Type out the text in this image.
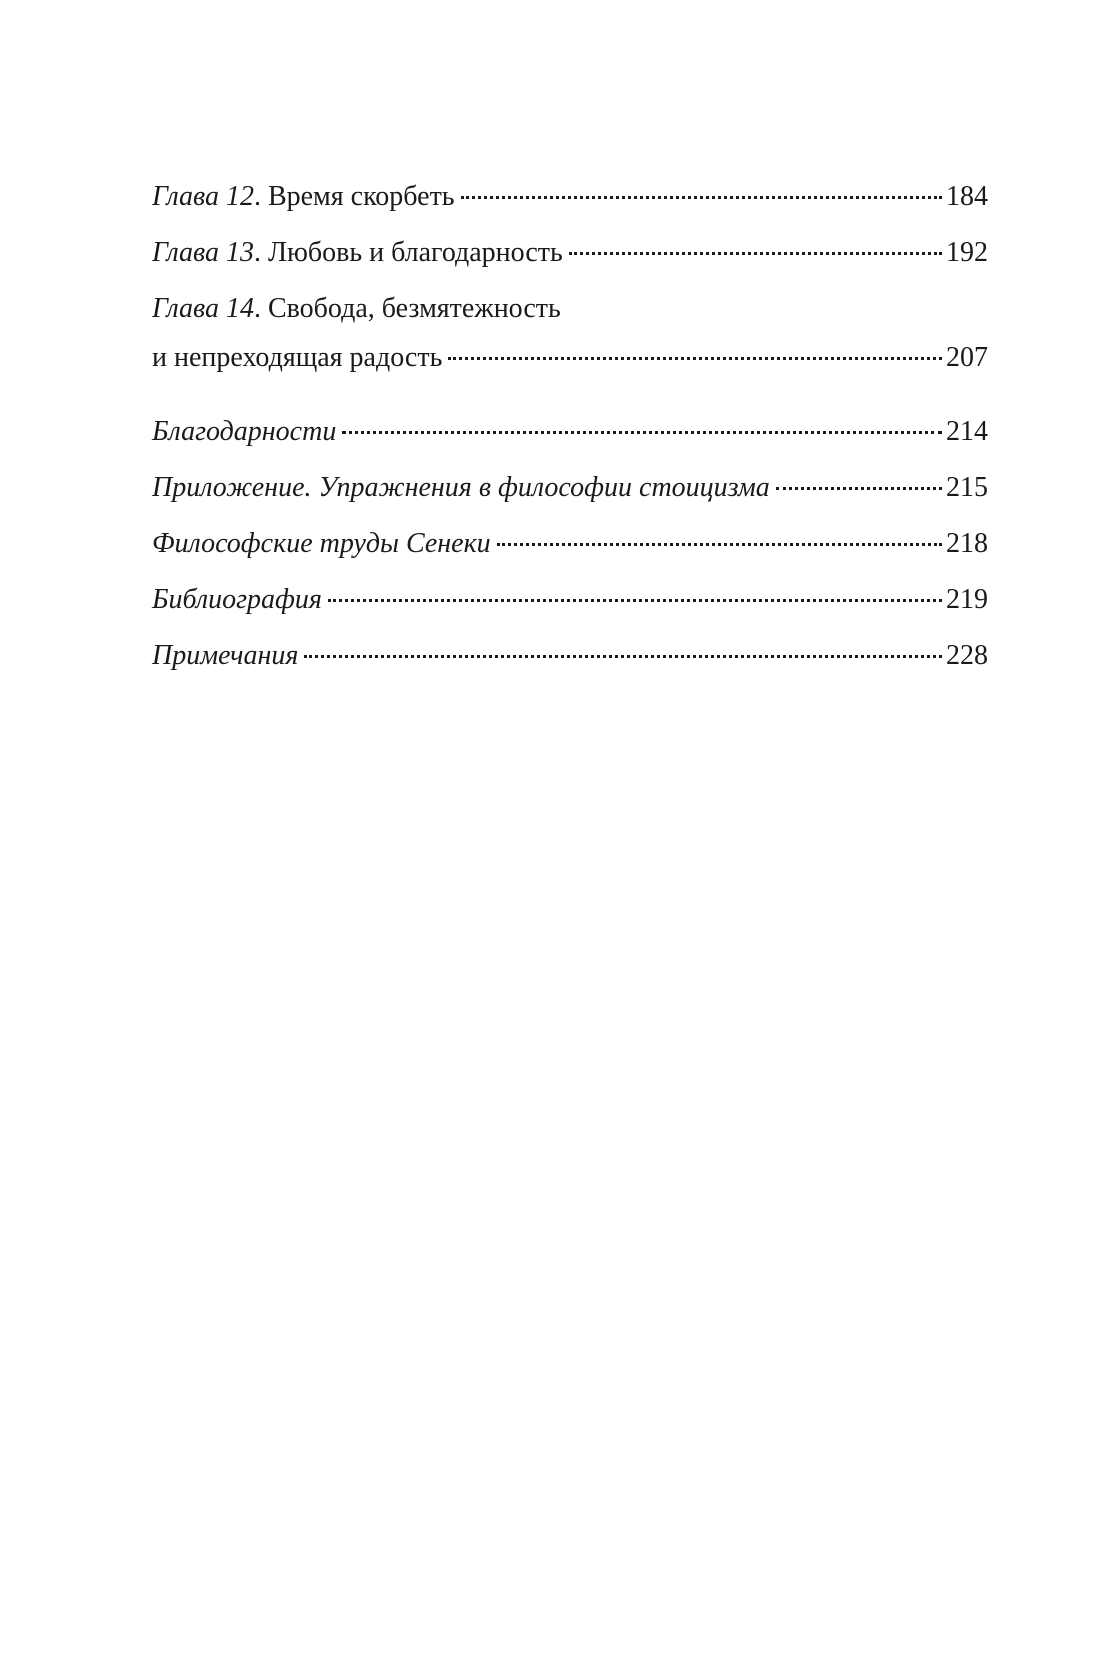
Глава 12. Время скорбеть	184
Глава 13. Любовь и благодарность	192
Глава 14. Свобода, безмятежность
и непреходящая радость	207
Благодарности	214
Приложение. Упражнения в философии стоицизма	215
Философские труды Сенеки	218
Библиография	219
Примечания	228
